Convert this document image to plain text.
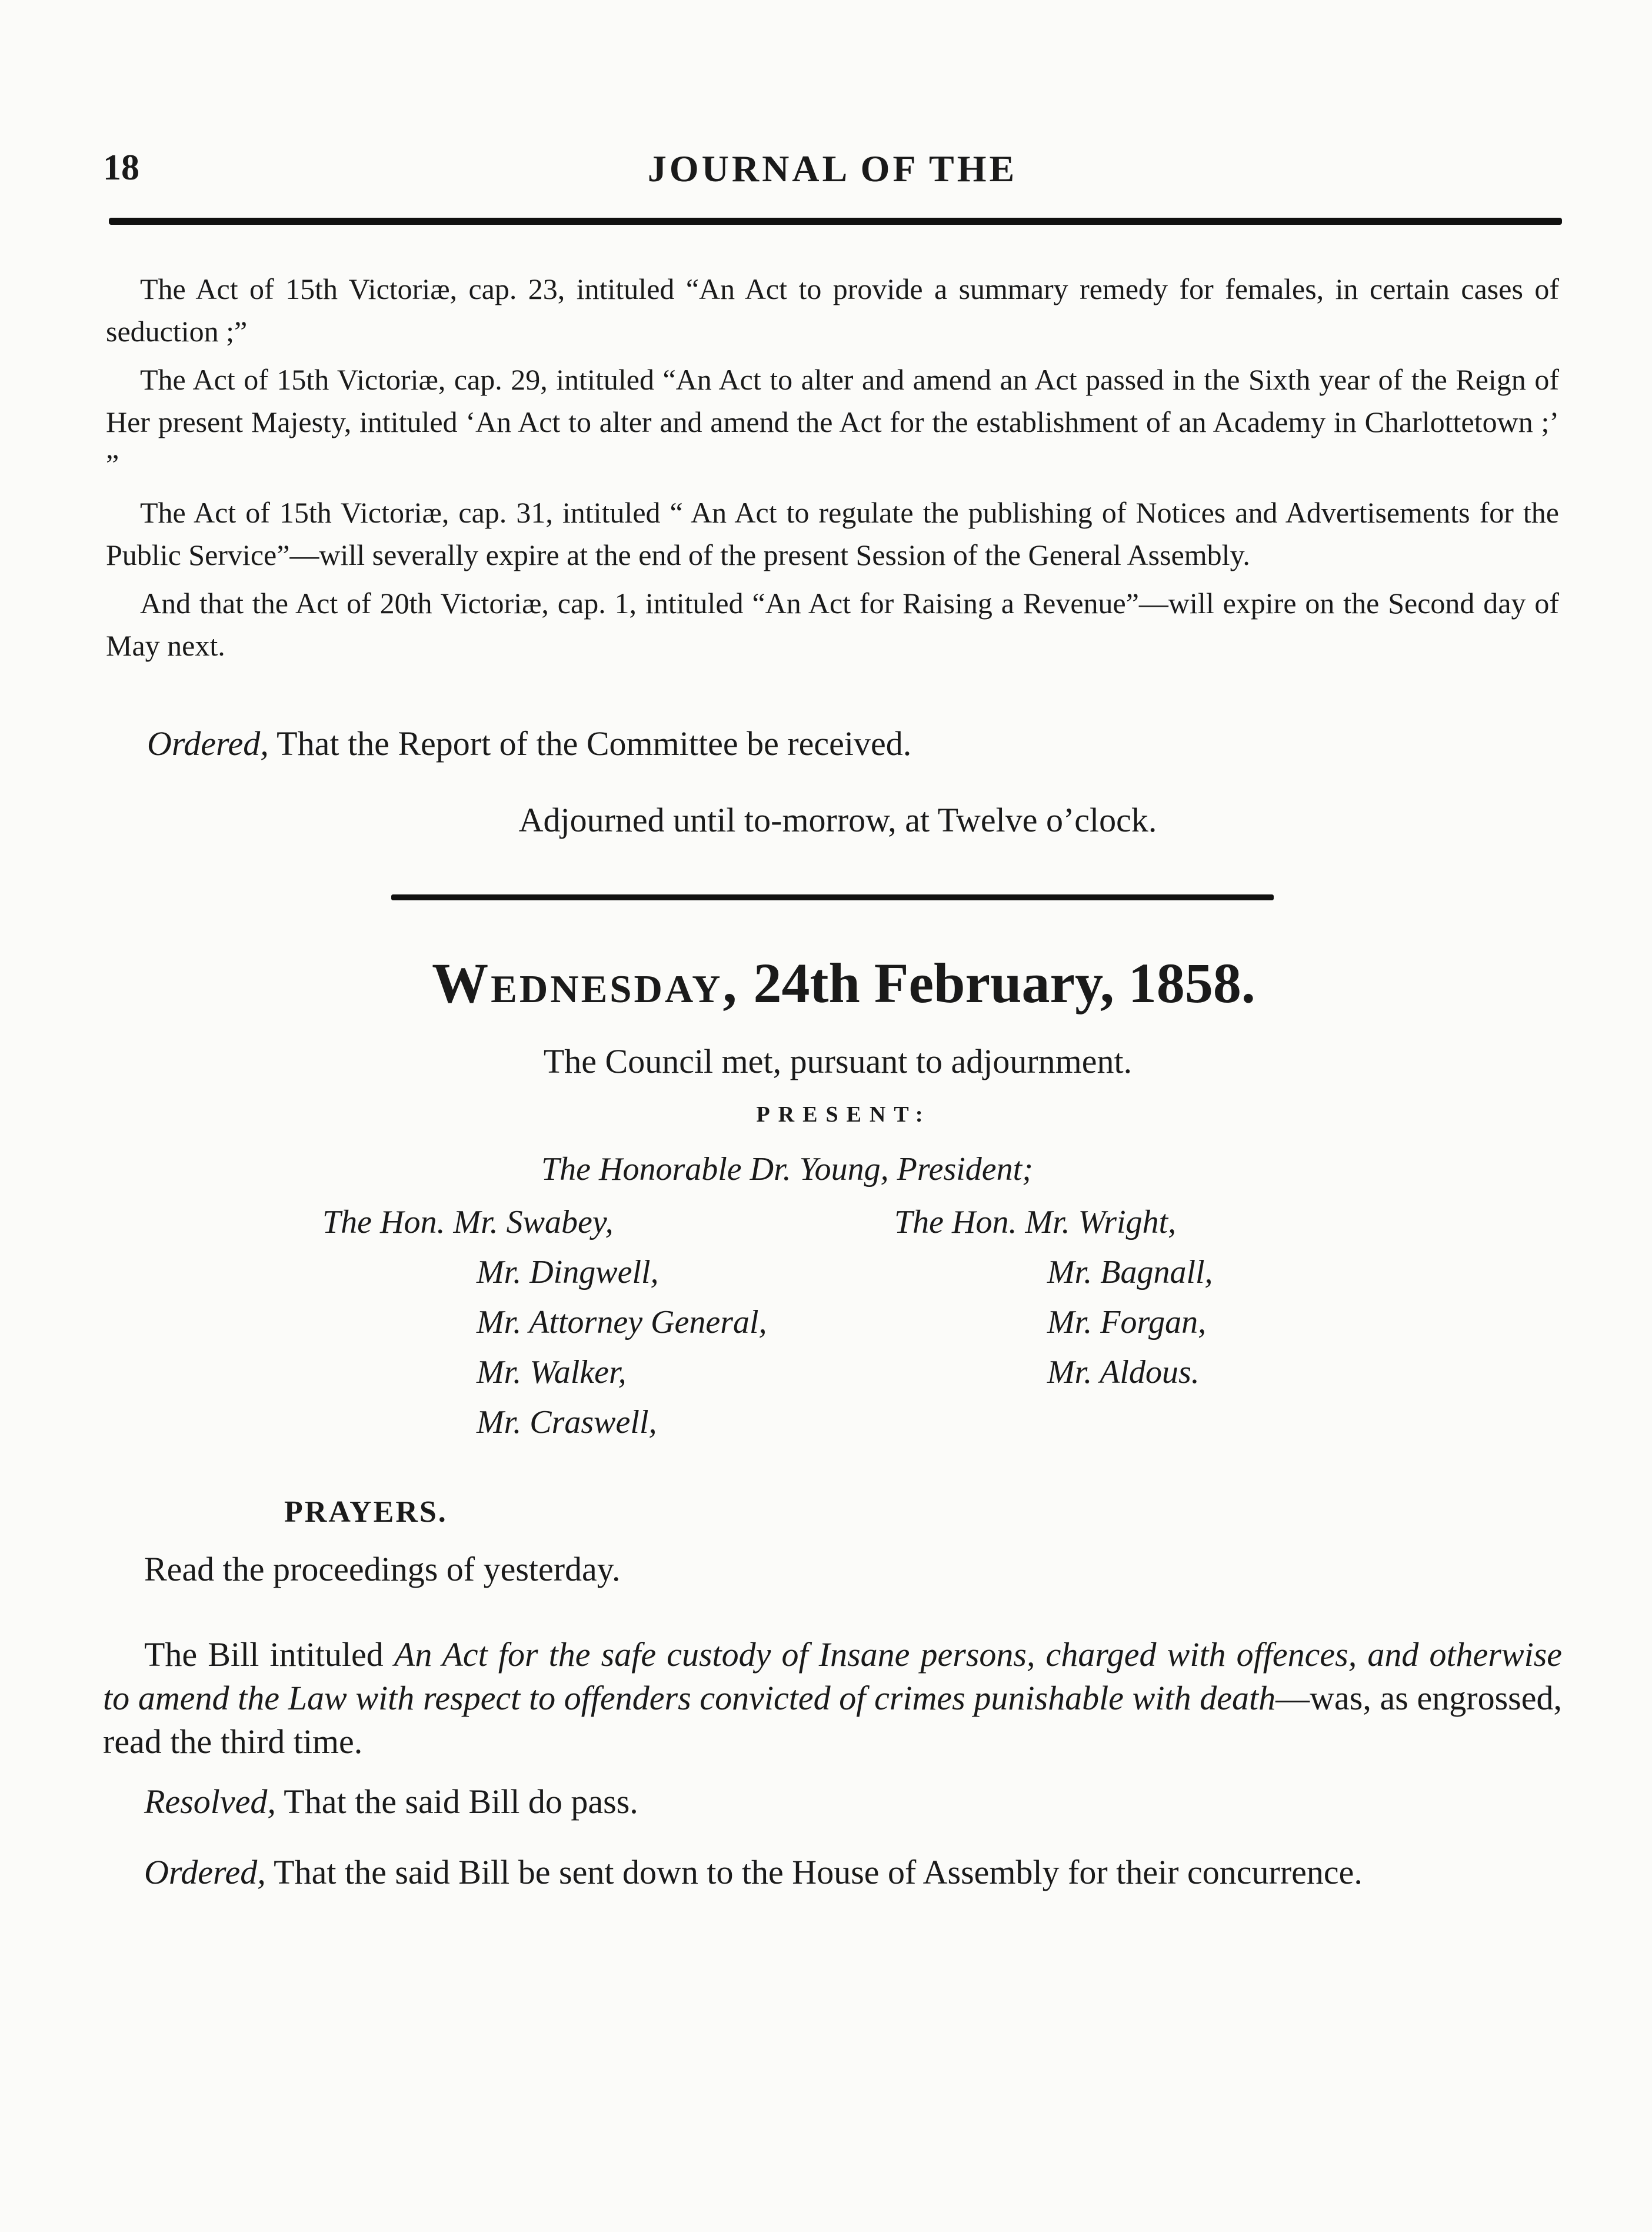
18	JOURNAL OF THE

The Act of 15th Victoriæ, cap. 23, intituled “An Act to provide a summary remedy for females, in certain cases of seduction ;”

The Act of 15th Victoriæ, cap. 29, intituled “An Act to alter and amend an Act passed in the Sixth year of the Reign of Her present Majesty, intituled ‘An Act to alter and amend the Act for the establishment of an Academy in Charlottetown ;’ ”

The Act of 15th Victoriæ, cap. 31, intituled “ An Act to regulate the publishing of Notices and Advertisements for the Public Service”—will severally expire at the end of the present Session of the General Assembly.

And that the Act of 20th Victoriæ, cap. 1, intituled “An Act for Raising a Revenue”—will expire on the Second day of May next.

Ordered, That the Report of the Committee be received.
Adjourned until to-morrow, at Twelve o’clock.
Wednesday, 24th February, 1858.
The Council met, pursuant to adjournment.
PRESENT:
The Honorable Dr. Young, President;
The Hon. Mr. Swabey,
Mr. Dingwell,
Mr. Attorney General,
Mr. Walker,
Mr. Craswell,
The Hon. Mr. Wright,
Mr. Bagnall,
Mr. Forgan,
Mr. Aldous.
PRAYERS.

Read the proceedings of yesterday.

The Bill intituled An Act for the safe custody of Insane persons, charged with offences, and otherwise to amend the Law with respect to offenders convicted of crimes punishable with death—was, as engrossed, read the third time.

Resolved, That the said Bill do pass.

Ordered, That the said Bill be sent down to the House of Assembly for their concurrence.
